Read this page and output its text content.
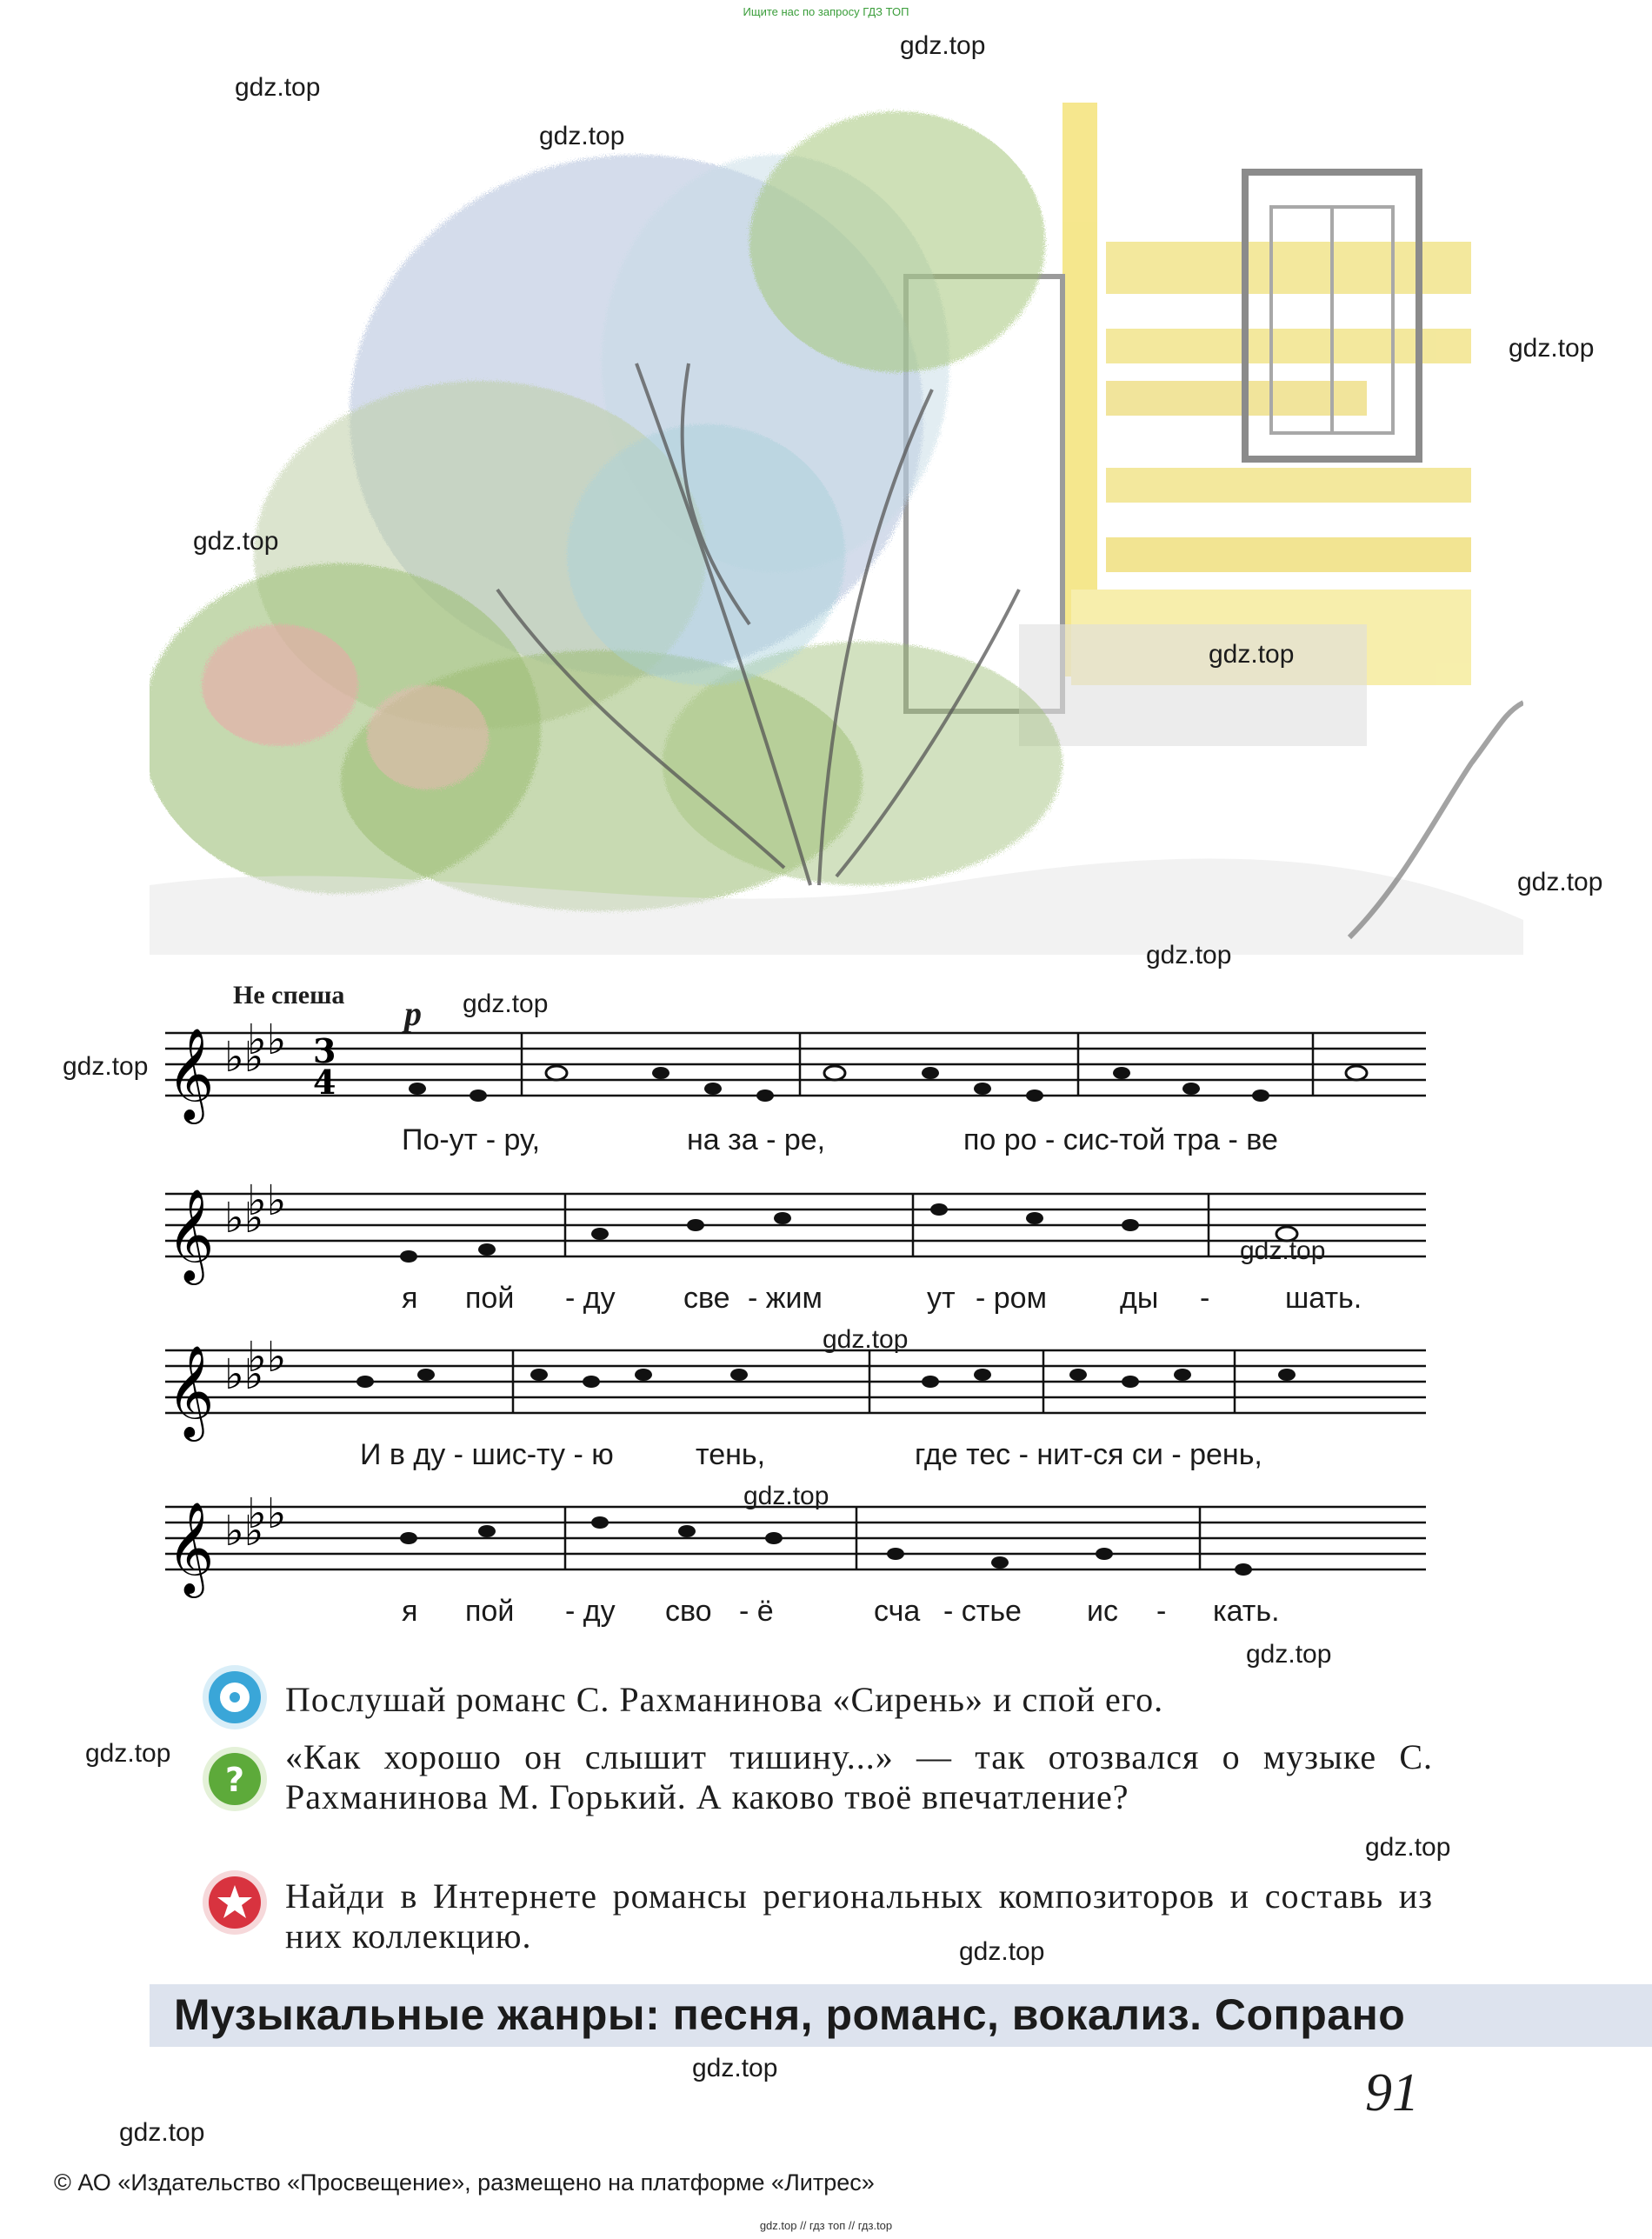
Ищите нас по запросу ГДЗ ТОП
Не спеша p
𝄞 ♭♭
♭♭ 3
4
По-ут - ру,	на за - ре,	по ро - сис-той тра - ве
𝄞 ♭♭
♭♭
я пой - ду све - жим	ут - ром ды -	шать.
𝄞 ♭♭
♭♭
И в ду - шис-ту - ю	тень,	где тес - нит-ся си - рень,
𝄞 ♭♭
♭♭
я пой - ду сво - ё	сча - стье ис - кать.
Послушай романс С. Рахманинова «Сирень» и спой его.
?
«Как хорошо он слышит тишину...» — так отозвался о музыке С. Рахманинова М. Горький. А каково твоё впечатление?
Найди в Интернете романсы региональных композиторов и составь из них коллекцию.
Музыкальные жанры: песня, романс, вокализ. Сопрано
91
© АО «Издательство «Просвещение», размещено на платформе «Литрес»
gdz.top // гдз топ // гдз.top
gdz.top
gdz.top
gdz.top
gdz.top
gdz.top
gdz.top
gdz.top
gdz.top
gdz.top
gdz.top
gdz.top
gdz.top
gdz.top
gdz.top
gdz.top
gdz.top
gdz.top
gdz.top
gdz.top
